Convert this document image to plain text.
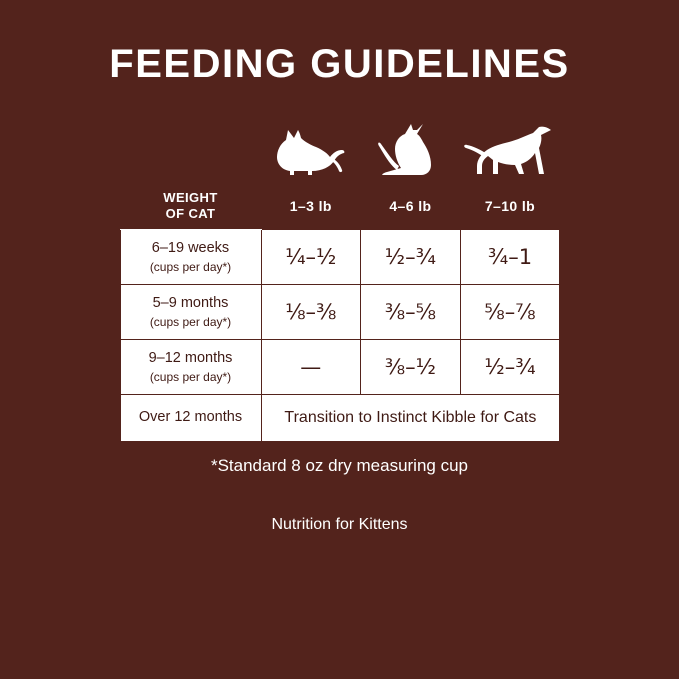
FEEDING GUIDELINES
WEIGHT
OF CAT	1–3 lb	4–6 lb	7–10 lb
6–19 weeks
(cups per day*)	¼–½	½–¾	¾–1
5–9 months
(cups per day*)	⅛–⅜	⅜–⅝	⅝–⅞
9–12 months
(cups per day*)	—	⅜–½	½–¾
Over 12 months	Transition to Instinct Kibble for Cats		
*Standard 8 oz dry measuring cup
Nutrition for Kittens
